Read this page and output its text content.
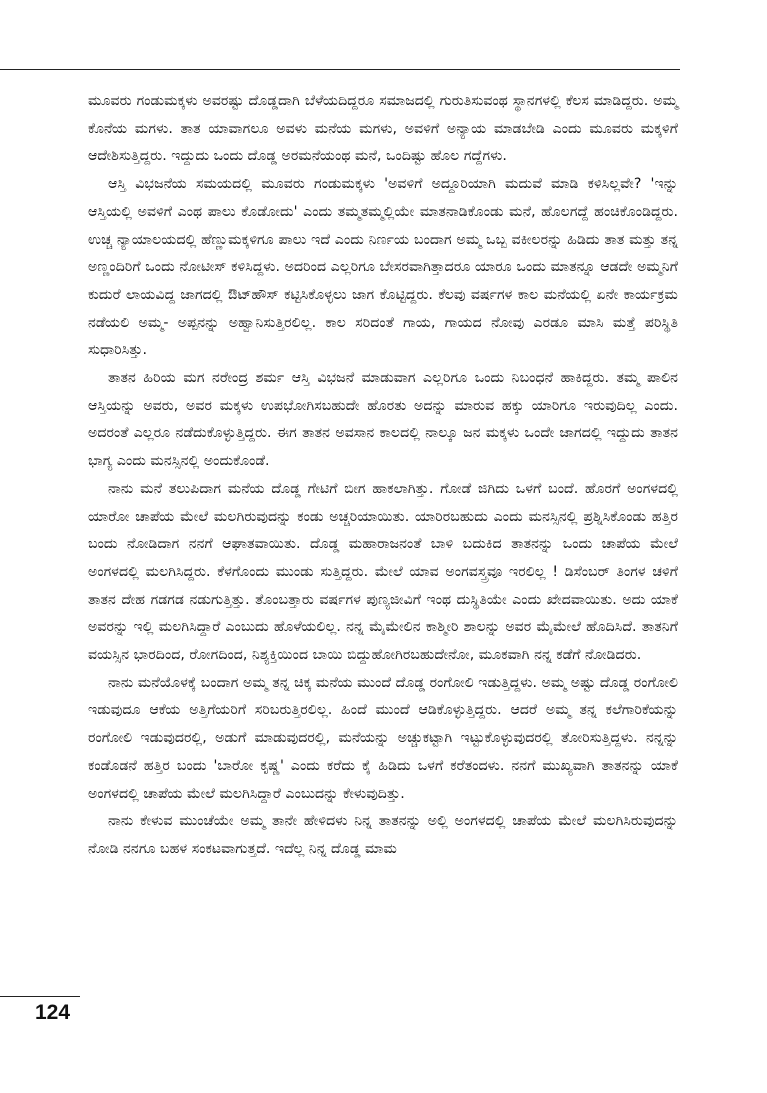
ಮೂವರು ಗಂಡುಮಕ್ಕಳು ಅವರಷ್ಟು ದೊಡ್ಡದಾಗಿ ಬೆಳೆಯದಿದ್ದರೂ ಸಮಾಜದಲ್ಲಿ ಗುರುತಿಸುವಂಥ ಸ್ಥಾನಗಳಲ್ಲಿ ಕೆಲಸ ಮಾಡಿದ್ದರು. ಅಮ್ಮ ಕೊನೆಯ ಮಗಳು. ತಾತ ಯಾವಾಗಲೂ ಅವಳು ಮನೆಯ ಮಗಳು, ಅವಳಿಗೆ ಅನ್ಯಾಯ ಮಾಡಬೇಡಿ ಎಂದು ಮೂವರು ಮಕ್ಕಳಿಗೆ ಆದೇಶಿಸುತ್ತಿದ್ದರು. ಇದ್ದುದು ಒಂದು ದೊಡ್ಡ ಅರಮನೆಯಂಥ ಮನೆ, ಒಂದಿಷ್ಟು ಹೊಲ ಗದ್ದೆಗಳು.

ಆಸ್ತಿ ವಿಭಜನೆಯ ಸಮಯದಲ್ಲಿ ಮೂವರು ಗಂಡುಮಕ್ಕಳು 'ಅವಳಿಗೆ ಅದ್ದೂರಿಯಾಗಿ ಮದುವೆ ಮಾಡಿ ಕಳಿಸಿಲ್ಲವೇ? 'ಇನ್ನು ಆಸ್ತಿಯಲ್ಲಿ ಅವಳಿಗೆ ಎಂಥ ಪಾಲು ಕೊಡೋದು' ಎಂದು ತಮ್ಮತಮ್ಮಲ್ಲಿಯೇ ಮಾತನಾಡಿಕೊಂಡು ಮನೆ, ಹೊಲಗದ್ದೆ ಹಂಚಿಕೊಂಡಿದ್ದರು. ಉಚ್ಚ ನ್ಯಾಯಾಲಯದಲ್ಲಿ ಹೆಣ್ಣುಮಕ್ಕಳಿಗೂ ಪಾಲು ಇದೆ ಎಂದು ನಿರ್ಣಯ ಬಂದಾಗ ಅಮ್ಮ ಒಬ್ಬ ವಕೀಲರನ್ನು ಹಿಡಿದು ತಾತ ಮತ್ತು ತನ್ನ ಅಣ್ಣಂದಿರಿಗೆ ಒಂದು ನೋಟೀಸ್ ಕಳಿಸಿದ್ದಳು. ಅದರಿಂದ ಎಲ್ಲರಿಗೂ ಬೇಸರವಾಗಿತ್ತಾದರೂ ಯಾರೂ ಒಂದು ಮಾತನ್ನೂ ಆಡದೇ ಅಮ್ಮನಿಗೆ ಕುದುರೆ ಲಾಯವಿದ್ದ ಜಾಗದಲ್ಲಿ ಔಟ್‌ಹೌಸ್ ಕಟ್ಟಿಸಿಕೊಳ್ಳಲು ಜಾಗ ಕೊಟ್ಟಿದ್ದರು. ಕೆಲವು ವರ್ಷಗಳ ಕಾಲ ಮನೆಯಲ್ಲಿ ಏನೇ ಕಾರ್ಯಕ್ರಮ ನಡೆಯಲಿ ಅಮ್ಮ- ಅಪ್ಪನನ್ನು ಅಹ್ವಾನಿಸುತ್ತಿರಲಿಲ್ಲ. ಕಾಲ ಸರಿದಂತೆ ಗಾಯ, ಗಾಯದ ನೋವು ಎರಡೂ ಮಾಸಿ ಮತ್ತೆ ಪರಿಸ್ಥಿತಿ ಸುಧಾರಿಸಿತ್ತು.

ತಾತನ ಹಿರಿಯ ಮಗ ನರೇಂದ್ರ ಶರ್ಮ ಆಸ್ತಿ ವಿಭಜನೆ ಮಾಡುವಾಗ ಎಲ್ಲರಿಗೂ ಒಂದು ನಿಬಂಧನೆ ಹಾಕಿದ್ದರು. ತಮ್ಮ ಪಾಲಿನ ಆಸ್ತಿಯನ್ನು ಅವರು, ಅವರ ಮಕ್ಕಳು ಉಪಭೋಗಿಸಬಹುದೇ ಹೊರತು ಅದನ್ನು ಮಾರುವ ಹಕ್ಕು ಯಾರಿಗೂ ಇರುವುದಿಲ್ಲ ಎಂದು. ಅದರಂತೆ ಎಲ್ಲರೂ ನಡೆದುಕೊಳ್ಳುತ್ತಿದ್ದರು. ಈಗ ತಾತನ ಅವಸಾನ ಕಾಲದಲ್ಲಿ ನಾಲ್ಕೂ ಜನ ಮಕ್ಕಳು ಒಂದೇ ಜಾಗದಲ್ಲಿ ಇದ್ದುದು ತಾತನ ಭಾಗ್ಯ ಎಂದು ಮನಸ್ಸಿನಲ್ಲಿ ಅಂದುಕೊಂಡೆ.

ನಾನು ಮನೆ ತಲುಪಿದಾಗ ಮನೆಯ ದೊಡ್ಡ ಗೇಟಿಗೆ ಬೀಗ ಹಾಕಲಾಗಿತ್ತು. ಗೋಡೆ ಜಿಗಿದು ಒಳಗೆ ಬಂದೆ. ಹೊರಗೆ ಅಂಗಳದಲ್ಲಿ ಯಾರೋ ಚಾಪೆಯ ಮೇಲೆ ಮಲಗಿರುವುದನ್ನು ಕಂಡು ಅಚ್ಚರಿಯಾಯಿತು. ಯಾರಿರಬಹುದು ಎಂದು ಮನಸ್ಸಿನಲ್ಲಿ ಪ್ರಶ್ನಿಸಿಕೊಂಡು ಹತ್ತಿರ ಬಂದು ನೋಡಿದಾಗ ನನಗೆ ಆಘಾತವಾಯಿತು. ದೊಡ್ಡ ಮಹಾರಾಜನಂತೆ ಬಾಳಿ ಬದುಕಿದ ತಾತನನ್ನು ಒಂದು ಚಾಪೆಯ ಮೇಲೆ ಅಂಗಳದಲ್ಲಿ ಮಲಗಿಸಿದ್ದರು. ಕೆಳಗೊಂದು ಮುಂಡು ಸುತ್ತಿದ್ದರು. ಮೇಲೆ ಯಾವ ಅಂಗವಸ್ತ್ರವೂ ಇರಲಿಲ್ಲ ! ಡಿಸೆಂಬರ್ ತಿಂಗಳ ಚಳಿಗೆ ತಾತನ ದೇಹ ಗಡಗಡ ನಡುಗುತ್ತಿತ್ತು. ತೊಂಬತ್ತಾರು ವರ್ಷಗಳ ಪುಣ್ಯಜೀವಿಗೆ ಇಂಥ ದುಸ್ಥಿತಿಯೇ ಎಂದು ಖೇದವಾಯಿತು. ಅದು ಯಾಕೆ ಅವರನ್ನು ಇಲ್ಲಿ ಮಲಗಿಸಿದ್ದಾರೆ ಎಂಬುದು ಹೊಳೆಯಲಿಲ್ಲ. ನನ್ನ ಮೈಮೇಲಿನ ಕಾಶ್ಮೀರಿ ಶಾಲನ್ನು ಅವರ ಮೈಮೇಲೆ ಹೊದಿಸಿದೆ. ತಾತನಿಗೆ ವಯಸ್ಸಿನ ಭಾರದಿಂದ, ರೋಗದಿಂದ, ನಿಶ್ಯಕ್ತಿಯಿಂದ ಬಾಯಿ ಬಿದ್ದುಹೋಗಿರಬಹುದೇನೋ, ಮೂಕವಾಗಿ ನನ್ನ ಕಡೆಗೆ ನೋಡಿದರು.

ನಾನು ಮನೆಯೊಳಕ್ಕೆ ಬಂದಾಗ ಅಮ್ಮ ತನ್ನ ಚಿಕ್ಕ ಮನೆಯ ಮುಂದೆ ದೊಡ್ಡ ರಂಗೋಲಿ ಇಡುತ್ತಿದ್ದಳು. ಅಮ್ಮ ಅಷ್ಟು ದೊಡ್ಡ ರಂಗೋಲಿ ಇಡುವುದೂ ಆಕೆಯ ಅತ್ತಿಗೆಯರಿಗೆ ಸರಿಬರುತ್ತಿರಲಿಲ್ಲ. ಹಿಂದೆ ಮುಂದೆ ಆಡಿಕೊಳ್ಳುತ್ತಿದ್ದರು. ಆದರೆ ಅಮ್ಮ ತನ್ನ ಕಲೆಗಾರಿಕೆಯನ್ನು ರಂಗೋಲಿ ಇಡುವುದರಲ್ಲಿ, ಅಡುಗೆ ಮಾಡುವುದರಲ್ಲಿ, ಮನೆಯನ್ನು ಅಚ್ಚುಕಟ್ಟಾಗಿ ಇಟ್ಟುಕೊಳ್ಳುವುದರಲ್ಲಿ ತೋರಿಸುತ್ತಿದ್ದಳು. ನನ್ನನ್ನು ಕಂಡೊಡನೆ ಹತ್ತಿರ ಬಂದು 'ಬಾರೋ ಕೃಷ್ಣ' ಎಂದು ಕರೆದು ಕೈ ಹಿಡಿದು ಒಳಗೆ ಕರೆತಂದಳು. ನನಗೆ ಮುಖ್ಯವಾಗಿ ತಾತನನ್ನು ಯಾಕೆ ಅಂಗಳದಲ್ಲಿ ಚಾಪೆಯ ಮೇಲೆ ಮಲಗಿಸಿದ್ದಾರೆ ಎಂಬುದನ್ನು ಕೇಳುವುದಿತ್ತು.

ನಾನು ಕೇಳುವ ಮುಂಚೆಯೇ ಅಮ್ಮ ತಾನೇ ಹೇಳಿದಳು ನಿನ್ನ ತಾತನನ್ನು ಅಲ್ಲಿ ಅಂಗಳದಲ್ಲಿ ಚಾಪೆಯ ಮೇಲೆ ಮಲಗಿಸಿರುವುದನ್ನು ನೋಡಿ ನನಗೂ ಬಹಳ ಸಂಕಟವಾಗುತ್ತದೆ. ಇದೆಲ್ಲ ನಿನ್ನ ದೊಡ್ಡ ಮಾಮ

124
